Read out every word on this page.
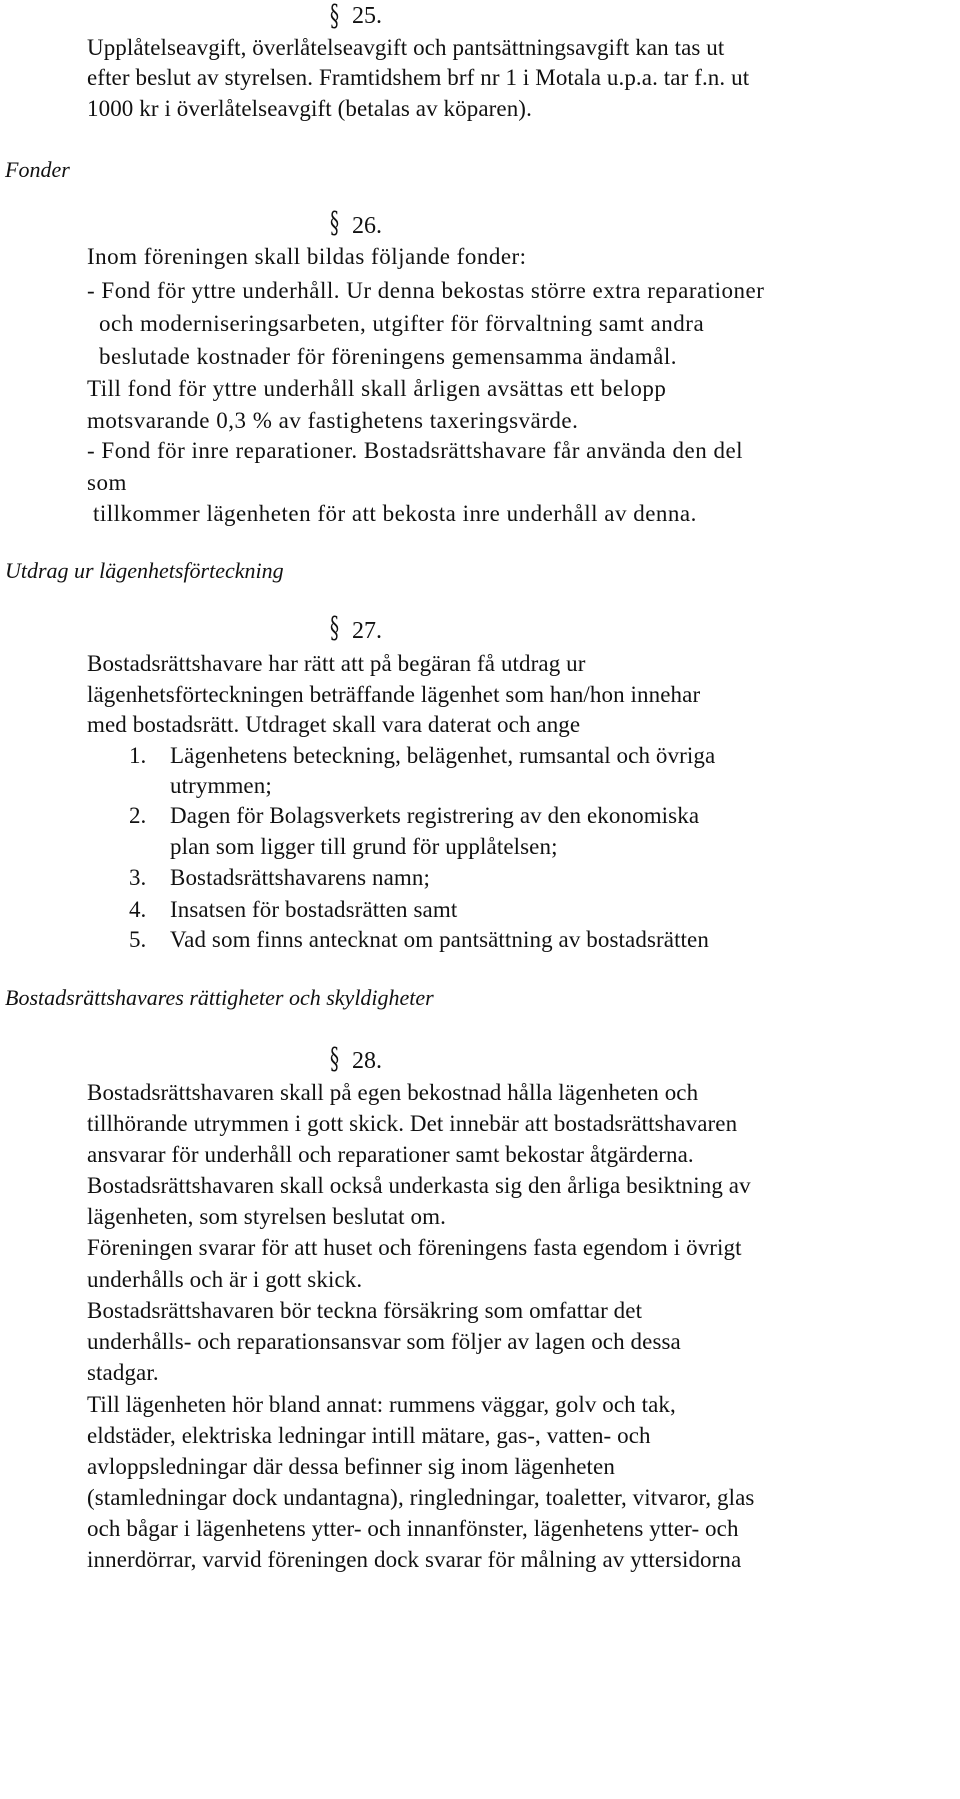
§ 25.
Upplåtelseavgift, överlåtelseavgift och pantsättningsavgift kan tas ut
efter beslut av styrelsen. Framtidshem brf nr 1 i Motala u.p.a. tar f.n. ut
1000 kr i överlåtelseavgift (betalas av köparen).
Fonder
§ 26.
Inom föreningen skall bildas följande fonder:
- Fond för yttre underhåll. Ur denna bekostas större extra reparationer
och moderniseringsarbeten, utgifter för förvaltning samt andra
beslutade kostnader för föreningens gemensamma ändamål.
Till fond för yttre underhåll skall årligen avsättas ett belopp
motsvarande 0,3 % av fastighetens taxeringsvärde.
- Fond för inre reparationer. Bostadsrättshavare får använda den del
som
tillkommer lägenheten för att bekosta inre underhåll av denna.
Utdrag ur lägenhetsförteckning
§ 27.
Bostadsrättshavare har rätt att på begäran få utdrag ur
lägenhetsförteckningen beträffande lägenhet som han/hon innehar
med bostadsrätt. Utdraget skall vara daterat och ange
1. Lägenhetens beteckning, belägenhet, rumsantal och övriga
utrymmen;
2. Dagen för Bolagsverkets registrering av den ekonomiska
plan som ligger till grund för upplåtelsen;
3. Bostadsrättshavarens namn;
4. Insatsen för bostadsrätten samt
5. Vad som finns antecknat om pantsättning av bostadsrätten
Bostadsrättshavares rättigheter och skyldigheter
§ 28.
Bostadsrättshavaren skall på egen bekostnad hålla lägenheten och
tillhörande utrymmen i gott skick. Det innebär att bostadsrättshavaren
ansvarar för underhåll och reparationer samt bekostar åtgärderna.
Bostadsrättshavaren skall också underkasta sig den årliga besiktning av
lägenheten, som styrelsen beslutat om.
Föreningen svarar för att huset och föreningens fasta egendom i övrigt
underhålls och är i gott skick.
Bostadsrättshavaren bör teckna försäkring som omfattar det
underhålls- och reparationsansvar som följer av lagen och dessa
stadgar.
Till lägenheten hör bland annat: rummens väggar, golv och tak,
eldstäder, elektriska ledningar intill mätare, gas-, vatten- och
avloppsledningar där dessa befinner sig inom lägenheten
(stamledningar dock undantagna), ringledningar, toaletter, vitvaror, glas
och bågar i lägenhetens ytter- och innanfönster, lägenhetens ytter- och
innerdörrar, varvid föreningen dock svarar för målning av yttersidorna
